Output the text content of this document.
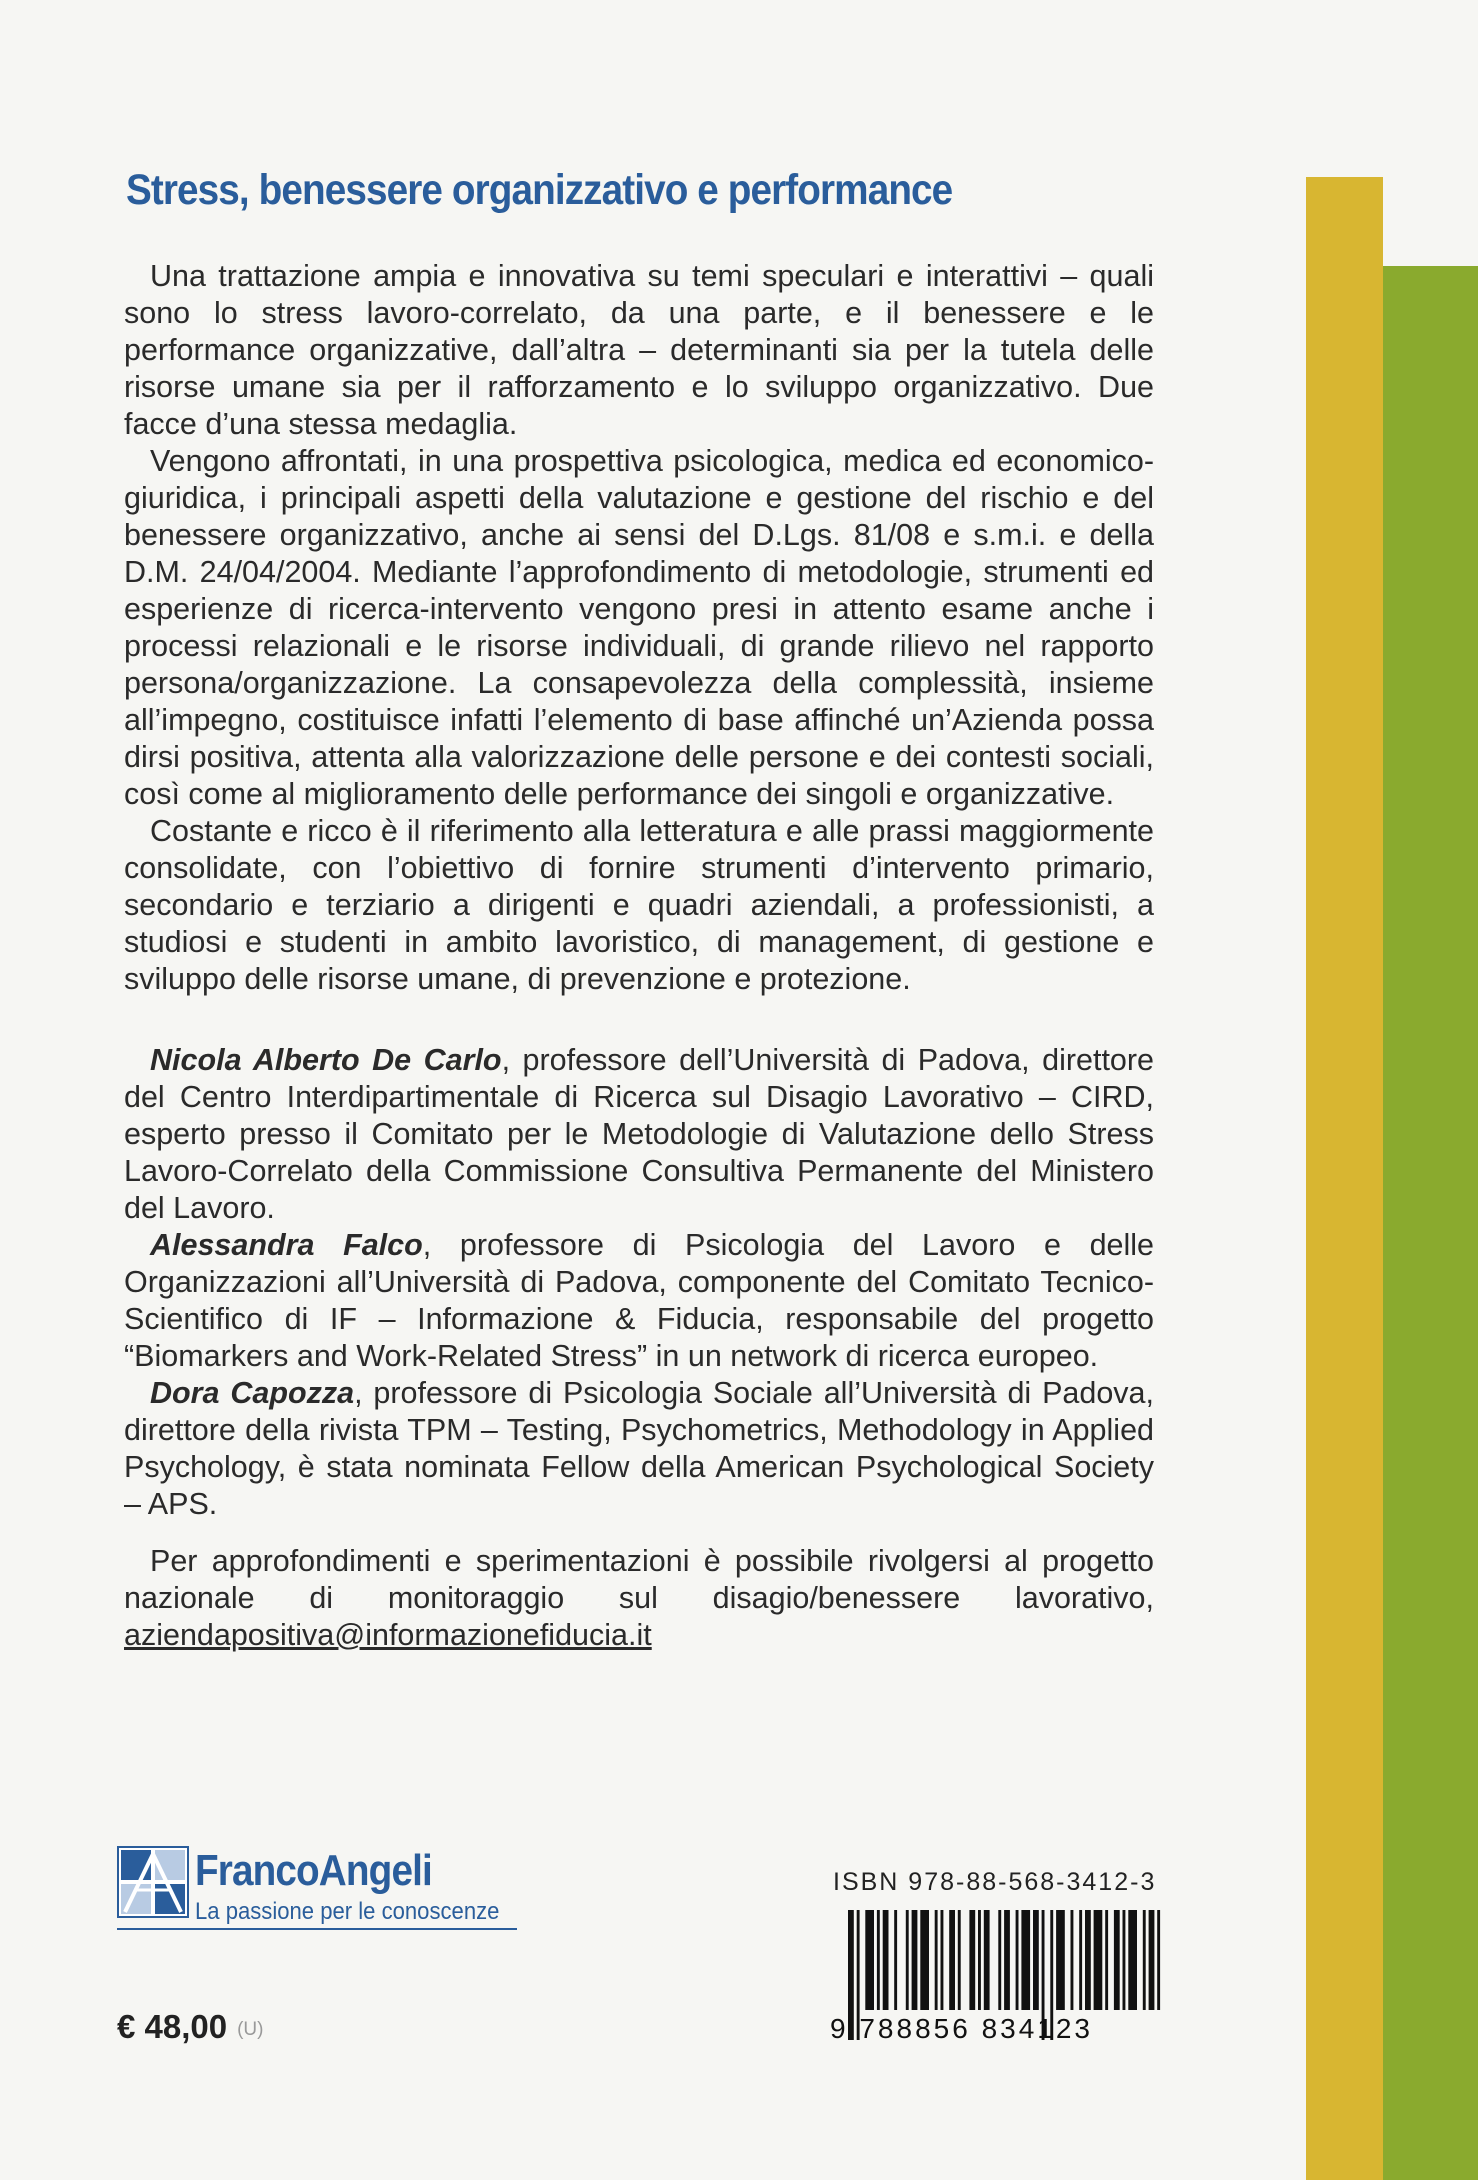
Stress, benessere organizzativo e performance

Una trattazione ampia e innovativa su temi speculari e interattivi – quali sono lo stress lavoro-correlato, da una parte, e il benessere e le performance organizzative, dall’altra – determinanti sia per la tutela delle risorse umane sia per il rafforzamento e lo sviluppo organizzativo. Due facce d’una stessa medaglia.

Vengono affrontati, in una prospettiva psicologica, medica ed economico-giuridica, i principali aspetti della valutazione e gestione del rischio e del benessere organizzativo, anche ai sensi del D.Lgs. 81/08 e s.m.i. e della D.M. 24/04/2004. Mediante l’approfondimento di metodologie, strumenti ed esperienze di ricerca-intervento vengono presi in attento esame anche i processi relazionali e le risorse individuali, di grande rilievo nel rapporto persona/organizzazione. La consapevolezza della complessità, insieme all’impegno, costituisce infatti l’elemento di base affinché un’Azienda possa dirsi positiva, attenta alla valorizzazione delle persone e dei contesti sociali, così come al miglioramento delle performance dei singoli e organizzative.

Costante e ricco è il riferimento alla letteratura e alle prassi maggiormente consolidate, con l’obiettivo di fornire strumenti d’intervento primario, secondario e terziario a dirigenti e quadri aziendali, a professionisti, a studiosi e studenti in ambito lavoristico, di management, di gestione e sviluppo delle risorse umane, di prevenzione e protezione.

Nicola Alberto De Carlo, professore dell’Università di Padova, direttore del Centro Interdipartimentale di Ricerca sul Disagio Lavorativo – CIRD, esperto presso il Comitato per le Metodologie di Valutazione dello Stress Lavoro-Correlato della Commissione Consultiva Permanente del Ministero del Lavoro.

Alessandra Falco, professore di Psicologia del Lavoro e delle Organizzazioni all’Università di Padova, componente del Comitato Tecnico-Scientifico di IF – Informazione & Fiducia, responsabile del progetto “Biomarkers and Work-Related Stress” in un network di ricerca europeo.

Dora Capozza, professore di Psicologia Sociale all’Università di Padova, direttore della rivista TPM – Testing, Psychometrics, Methodology in Applied Psychology, è stata nominata Fellow della American Psychological Society – APS.

Per approfondimenti e sperimentazioni è possibile rivolgersi al progetto nazionale di monitoraggio sul disagio/benessere lavorativo, aziendapositiva@informazionefiducia.it

FrancoAngeli
La passione per le conoscenze
ISBN 978-88-568-3412-3
9 788856 834123
€ 48,00 (U)
